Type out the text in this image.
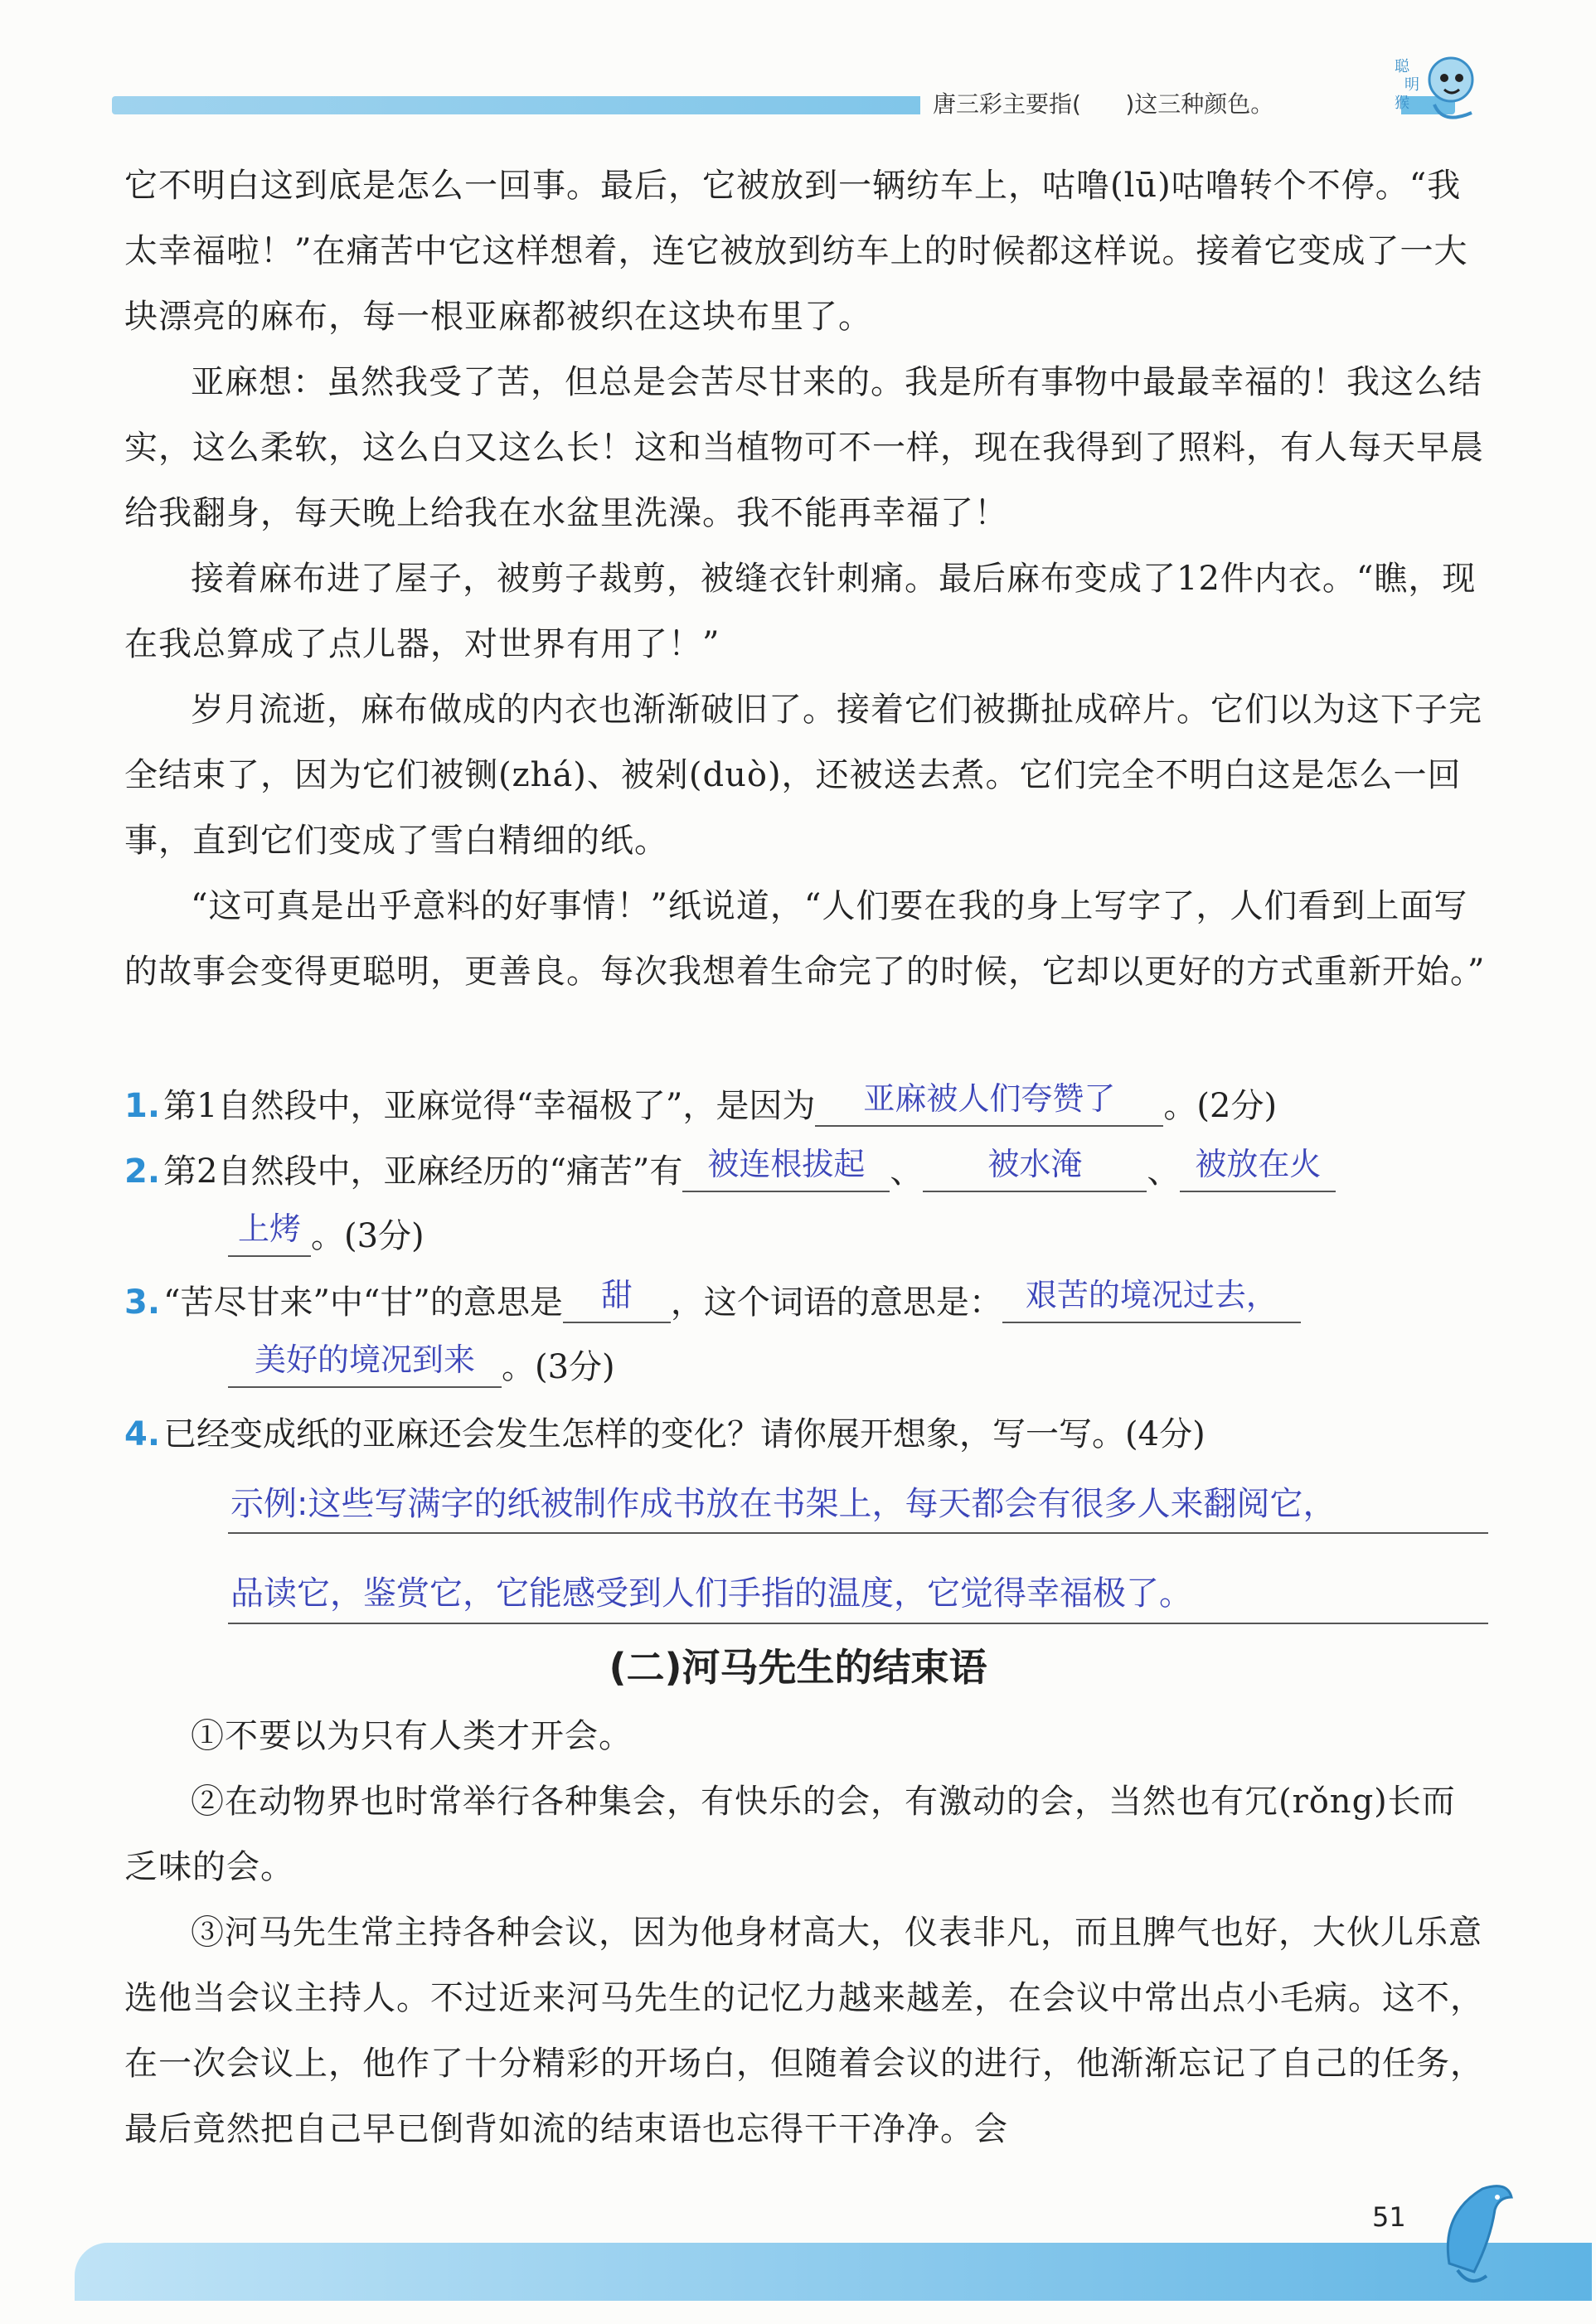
唐三彩主要指(      )这三种颜色。
聪
明
猴

它不明白这到底是怎么一回事。最后，它被放到一辆纺车上，咕噜(lū)咕噜转个不停。“我太幸福啦！”在痛苦中它这样想着，连它被放到纺车上的时候都这样说。接着它变成了一大块漂亮的麻布，每一根亚麻都被织在这块布里了。

亚麻想：虽然我受了苦，但总是会苦尽甘来的。我是所有事物中最最幸福的！我这么结实，这么柔软，这么白又这么长！这和当植物可不一样，现在我得到了照料，有人每天早晨给我翻身，每天晚上给我在水盆里洗澡。我不能再幸福了！

接着麻布进了屋子，被剪子裁剪，被缝衣针刺痛。最后麻布变成了12件内衣。“瞧，现在我总算成了点儿器，对世界有用了！”

岁月流逝，麻布做成的内衣也渐渐破旧了。接着它们被撕扯成碎片。它们以为这下子完全结束了，因为它们被铡(zhá)、被剁(duò)，还被送去煮。它们完全不明白这是怎么一回事，直到它们变成了雪白精细的纸。

“这可真是出乎意料的好事情！”纸说道，“人们要在我的身上写字了，人们看到上面写的故事会变得更聪明，更善良。每次我想着生命完了的时候，它却以更好的方式重新开始。”

1. 第1自然段中，亚麻觉得“幸福极了”，是因为 亚麻被人们夸赞了 。(2分)
2. 第2自然段中，亚麻经历的“痛苦”有 被连根拔起 、 被水淹 、 被放在火
上烤 。(3分)
3. “苦尽甘来”中“甘”的意思是 甜 ，这个词语的意思是： 艰苦的境况过去，
美好的境况到来 。(3分)
4. 已经变成纸的亚麻还会发生怎样的变化？请你展开想象，写一写。(4分)
示例:这些写满字的纸被制作成书放在书架上，每天都会有很多人来翻阅它，
品读它，鉴赏它，它能感受到人们手指的温度，它觉得幸福极了。
(二)河马先生的结束语

①不要以为只有人类才开会。

②在动物界也时常举行各种集会，有快乐的会，有激动的会，当然也有冗(rǒng)长而乏味的会。

③河马先生常主持各种会议，因为他身材高大，仪表非凡，而且脾气也好，大伙儿乐意选他当会议主持人。不过近来河马先生的记忆力越来越差，在会议中常出点小毛病。这不，在一次会议上，他作了十分精彩的开场白，但随着会议的进行，他渐渐忘记了自己的任务，最后竟然把自己早已倒背如流的结束语也忘得干干净净。会

51
